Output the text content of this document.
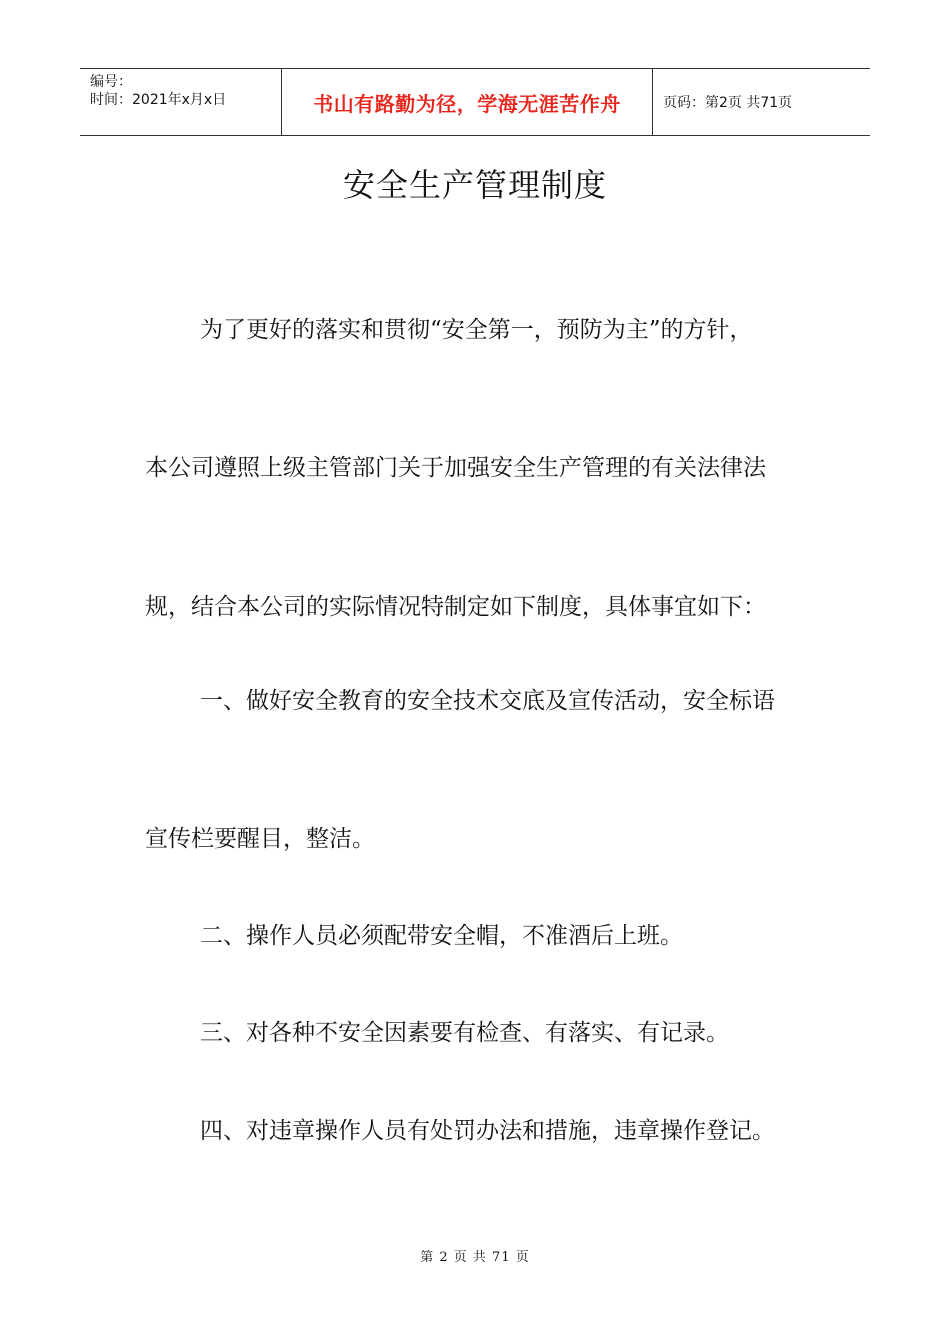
编号：
时间：2021年x月x日	书山有路勤为径，学海无涯苦作舟	页码：第2页 共71页
安全生产管理制度
为了更好的落实和贯彻“安全第一，预防为主”的方针，
本公司遵照上级主管部门关于加强安全生产管理的有关法律法
规，结合本公司的实际情况特制定如下制度，具体事宜如下：
一、做好安全教育的安全技术交底及宣传活动，安全标语
宣传栏要醒目，整洁。
二、操作人员必须配带安全帽，不准酒后上班。
三、对各种不安全因素要有检查、有落实、有记录。
四、对违章操作人员有处罚办法和措施，违章操作登记。
第 2 页 共 71 页
